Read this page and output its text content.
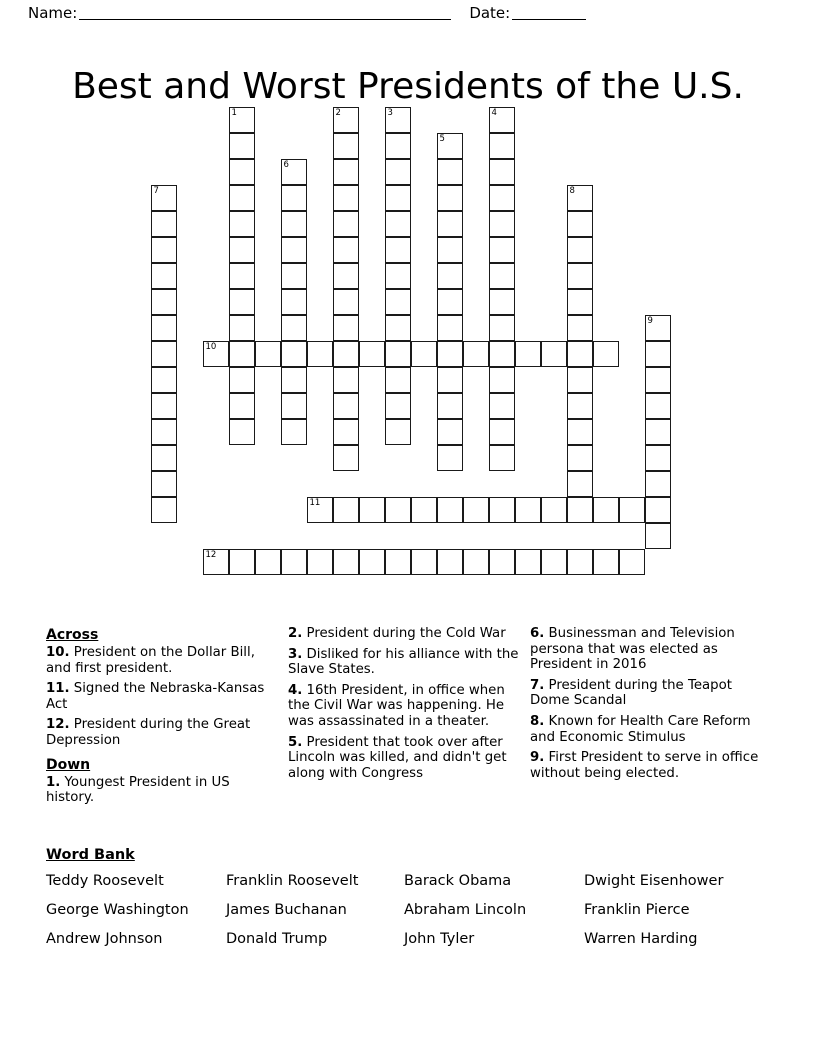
Name:	Date:
Best and Worst Presidents of the U.S.
1	2	3	4
5
6
7	8
9
10
11
12
Across
10. President on the Dollar Bill, and first president.
11. Signed the Nebraska-Kansas Act
12. President during the Great Depression
Down
1. Youngest President in US history.
2. President during the Cold War
3. Disliked for his alliance with the Slave States.
4. 16th President, in office when the Civil War was happening. He was assassinated in a theater.
5. President that took over after Lincoln was killed, and didn't get along with Congress
6. Businessman and Television persona that was elected as President in 2016
7. President during the Teapot Dome Scandal
8. Known for Health Care Reform and Economic Stimulus
9. First President to serve in office without being elected.
Word Bank
Teddy Roosevelt	Franklin Roosevelt	Barack Obama	Dwight Eisenhower
George Washington	James Buchanan	Abraham Lincoln	Franklin Pierce
Andrew Johnson	Donald Trump	John Tyler	Warren Harding
